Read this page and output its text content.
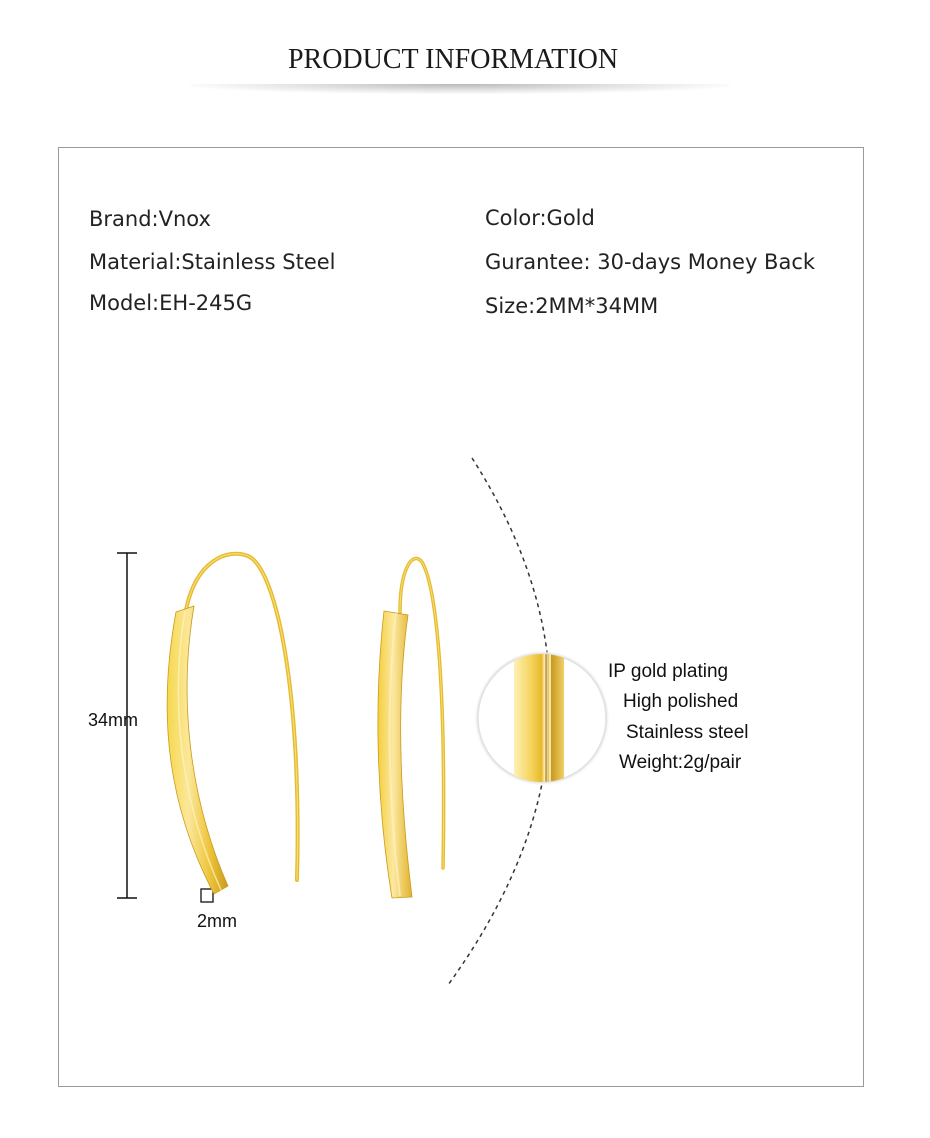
PRODUCT INFORMATION
Brand:Vnox
Material:Stainless Steel
Model:EH-245G
Color:Gold
Gurantee: 30-days Money Back
Size:2MM*34MM
34mm
2mm
IP gold plating
High polished
Stainless steel
Weight:2g/pair
